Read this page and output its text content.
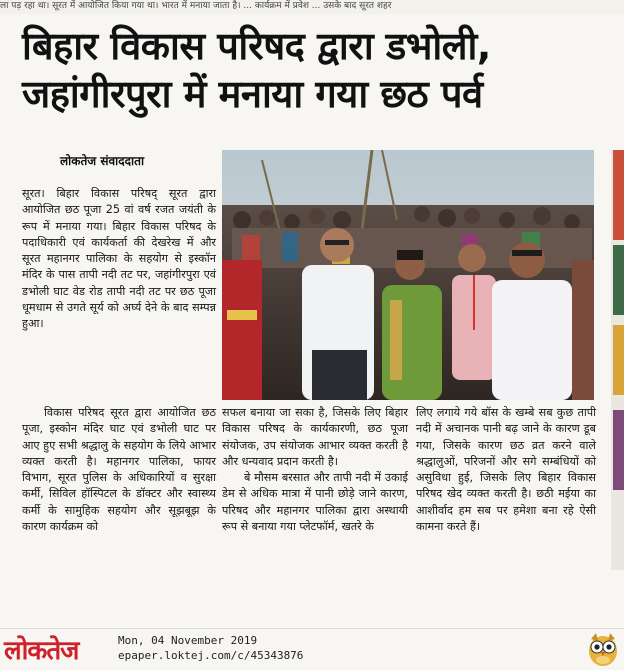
ला पड़ रहा था। सूरत में आयोजित किया गया था। भारत में मनाया जाता है। ... कार्यक्रम में प्रवेश ... उसके बाद सूरत शहर
बिहार विकास परिषद द्वारा डभोली,
जहांगीरपुरा में मनाया गया छठ पर्व
लोकतेज संवाददाता

सूरत। बिहार विकास परिषद् सूरत द्वारा आयोजित छठ पूजा 25 वां वर्ष रजत जयंती के रूप में मनाया गया। बिहार विकास परिषद के पदाधिकारी एवं कार्यकर्ता की देखरेख में और सूरत महानगर पालिका के सहयोग से इस्कॉन मंदिर के पास तापी नदी तट पर, जहांगीरपुरा एवं डभोली घाट वेड रोड तापी नदी तट पर छठ पूजा धूमधाम से उगते सूर्य को अर्घ्य देने के बाद सम्पन्न हुआ।

विकास परिषद सूरत द्वारा आयोजित छठ पूजा, इस्कोन मंदिर घाट एवं डभोली घाट पर आए हुए सभी श्रद्धालु के सहयोग के लिये आभार व्यक्त करती है। महानगर पालिका, फायर विभाग, सूरत पुलिस के अधिकारियों व सुरक्षा कर्मी, सिविल हॉस्पिटल के डॉक्टर और स्वास्थ्य कर्मी के सामुहिक सहयोग और सूझबूझ के कारण कार्यक्रम को

सफल बनाया जा सका है, जिसके लिए बिहार विकास परिषद के कार्यकारणी, छठ पूजा संयोजक, उप संयोजक आभार व्यक्त करती है और धन्यवाद प्रदान करती है।

बे मौसम बरसात और तापी नदी में उकाई डेम से अधिक मात्रा में पानी छोड़े जाने कारण, परिषद और महानगर पालिका द्वारा अस्थायी रूप से बनाया गया प्लेटफॉर्म, खतरे के

लिए लगाये गये बॉस के खम्बे सब कुछ तापी नदी में अचानक पानी बढ़ जाने के कारण डूब गया, जिसके कारण छठ व्रत करने वाले श्रद्धालुओं, परिजनों और सगे सम्बंधियों को असुविधा हुई, जिसके लिए बिहार विकास परिषद खेद व्यक्त करती है। छठी मईया का आशीर्वाद हम सब पर हमेशा बना रहे ऐसी कामना करते हैं।

लोकतेज	Mon, 04 November 2019
epaper.loktej.com/c/45343876
